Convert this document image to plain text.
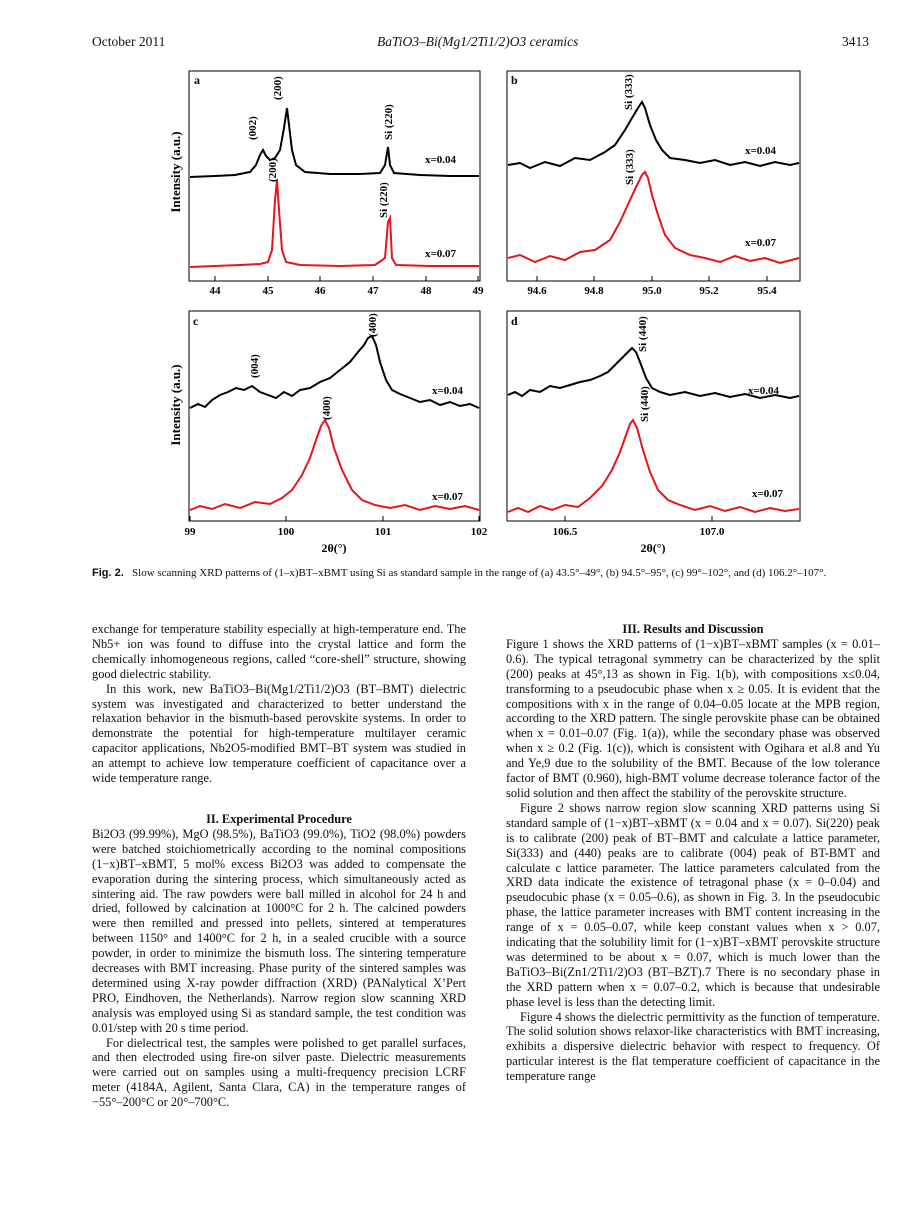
October 2011	BaTiO3–Bi(Mg1/2Ti1/2)O3 ceramics	3413
Intensity (a.u.)
Intensity (a.u.)
a
(002)
(200)
Si (220)
(200)
Si (220)
x=0.04
x=0.07
44	45	46	47	48	49
b	Si (333)
Si (333)	x=0.04
x=0.07
94.6	94.8	95.0	95.2	95.4
c
(004)
(400)
(400)
x=0.04
x=0.07
99	100	101	102
2θ(°)
d	Si (440)
Si (440)	x=0.04
x=0.07
106.5	107.0
2θ(°)
Fig. 2. Slow scanning XRD patterns of (1–x)BT–xBMT using Si as standard sample in the range of (a) 43.5°–49°, (b) 94.5°–95°, (c) 99°–102°, and (d) 106.2°–107°.

exchange for temperature stability especially at high-temperature end. The Nb5+ ion was found to diffuse into the crystal lattice and form the chemically inhomogeneous regions, called “core-shell” structure, showing good dielectric stability.

In this work, new BaTiO3–Bi(Mg1/2Ti1/2)O3 (BT–BMT) dielectric system was investigated and characterized to better understand the relaxation behavior in the bismuth-based perovskite systems. In order to demonstrate the potential for high-temperature multilayer ceramic capacitor applications, Nb2O5-modified BMT–BT system was studied in an attempt to achieve low temperature coefficient of capacitance over a wide temperature range.

II. Experimental Procedure

Bi2O3 (99.99%), MgO (98.5%), BaTiO3 (99.0%), TiO2 (98.0%) powders were batched stoichiometrically according to the nominal compositions (1−x)BT–xBMT, 5 mol% excess Bi2O3 was added to compensate the evaporation during the sintering process, which simultaneously acted as sintering aid. The raw powders were ball milled in alcohol for 24 h and dried, followed by calcination at 1000°C for 2 h. The calcined powders were then remilled and pressed into pellets, sintered at temperatures between 1150° and 1400°C for 2 h, in a sealed crucible with a source powder, in order to minimize the bismuth loss. The sintering temperature decreases with BMT increasing. Phase purity of the sintered samples was determined using X-ray powder diffraction (XRD) (PANalytical X’Pert PRO, Eindhoven, the Netherlands). Narrow region slow scanning XRD analysis was employed using Si as standard sample, the test condition was 0.01/step with 20 s time period.

For dielectrical test, the samples were polished to get parallel surfaces, and then electroded using fire-on silver paste. Dielectric measurements were carried out on samples using a multi-frequency precision LCRF meter (4184A, Agilent, Santa Clara, CA) in the temperature ranges of −55°–200°C or 20°–700°C.

III. Results and Discussion

Figure 1 shows the XRD patterns of (1−x)BT–xBMT samples (x = 0.01–0.6). The typical tetragonal symmetry can be characterized by the split (200) peaks at 45°,13 as shown in Fig. 1(b), with compositions x≤0.04, transforming to a pseudocubic phase when x ≥ 0.05. It is evident that the compositions with x in the range of 0.04–0.05 locate at the MPB region, according to the XRD pattern. The single perovskite phase can be obtained when x = 0.01–0.07 (Fig. 1(a)), while the secondary phase was observed when x ≥ 0.2 (Fig. 1(c)), which is consistent with Ogihara et al.8 and Yu and Ye,9 due to the solubility of the BMT. Because of the low tolerance factor of BMT (0.960), high-BMT volume decrease tolerance factor of the solid solution and then affect the stability of the perovskite structure.

Figure 2 shows narrow region slow scanning XRD patterns using Si standard sample of (1−x)BT–xBMT (x = 0.04 and x = 0.07). Si(220) peak is to calibrate (200) peak of BT–BMT and calculate a lattice parameter, Si(333) and (440) peaks are to calibrate (004) peak of BT-BMT and calculate c lattice parameter. The lattice parameters calculated from the XRD data indicate the existence of tetragonal phase (x = 0–0.04) and pseudocubic phase (x = 0.05–0.6), as shown in Fig. 3. In the pseudocubic phase, the lattice parameter increases with BMT content increasing in the range of x = 0.05–0.07, while keep constant values when x > 0.07, indicating that the solubility limit for (1−x)BT–xBMT perovskite structure was determined to be about x = 0.07, which is much lower than the BaTiO3–Bi(Zn1/2Ti1/2)O3 (BT–BZT).7 There is no secondary phase in the XRD pattern when x = 0.07–0.2, which is because that undesirable phase level is less than the detecting limit.

Figure 4 shows the dielectric permittivity as the function of temperature. The solid solution shows relaxor-like characteristics with BMT increasing, exhibits a dispersive dielectric behavior with respect to frequency. Of particular interest is the flat temperature coefficient of capacitance in the temperature range
